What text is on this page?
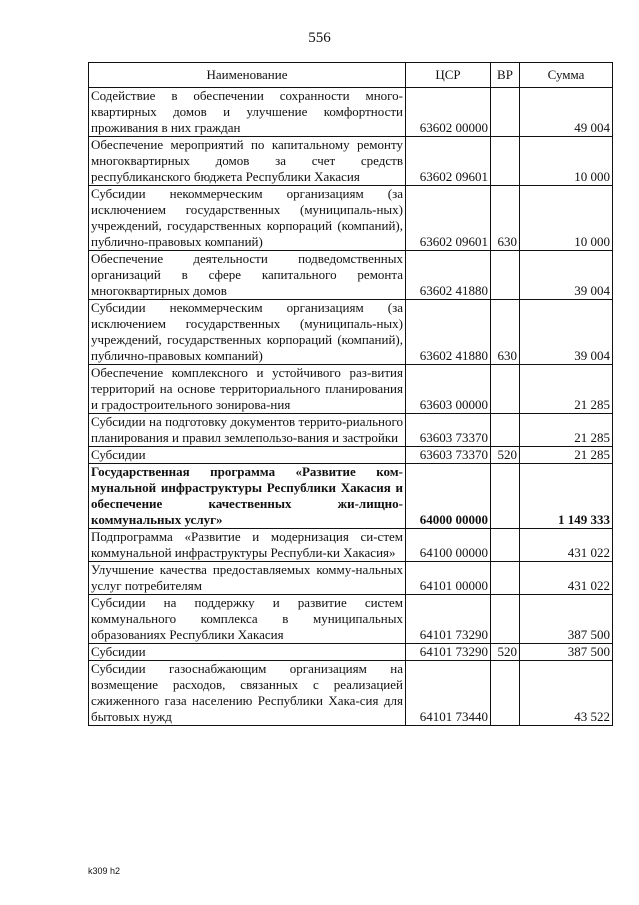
556
Наименование	ЦСР	ВР	Сумма
Содействие в обеспечении сохранности много-квартирных домов и улучшение комфортности проживания в них граждан	63602 00000		49 004
Обеспечение мероприятий по капитальному ремонту многоквартирных домов за счет средств республиканского бюджета Республики Хакасия	63602 09601		10 000
Субсидии некоммерческим организациям (за исключением государственных (муниципаль-ных) учреждений, государственных корпораций (компаний), публично-правовых компаний)	63602 09601	630	10 000
Обеспечение деятельности подведомственных организаций в сфере капитального ремонта многоквартирных домов	63602 41880		39 004
Субсидии некоммерческим организациям (за исключением государственных (муниципаль-ных) учреждений, государственных корпораций (компаний), публично-правовых компаний)	63602 41880	630	39 004
Обеспечение комплексного и устойчивого раз-вития территорий на основе территориального планирования и градостроительного зонирова-ния	63603 00000		21 285
Субсидии на подготовку документов террито-риального планирования и правил землепользо-вания и застройки	63603 73370		21 285
Субсидии	63603 73370	520	21 285
Государственная программа «Развитие ком-мунальной инфраструктуры Республики Хакасия и обеспечение качественных жи-лищно-коммунальных услуг»	64000 00000		1 149 333
Подпрограмма «Развитие и модернизация си-стем коммунальной инфраструктуры Республи-ки Хакасия»	64100 00000		431 022
Улучшение качества предоставляемых комму-нальных услуг потребителям	64101 00000		431 022
Субсидии на поддержку и развитие систем коммунального комплекса в муниципальных образованиях Республики Хакасия	64101 73290		387 500
Субсидии	64101 73290	520	387 500
Субсидии газоснабжающим организациям на возмещение расходов, связанных с реализацией сжиженного газа населению Республики Хака-сия для бытовых нужд	64101 73440		43 522
k309 h2
